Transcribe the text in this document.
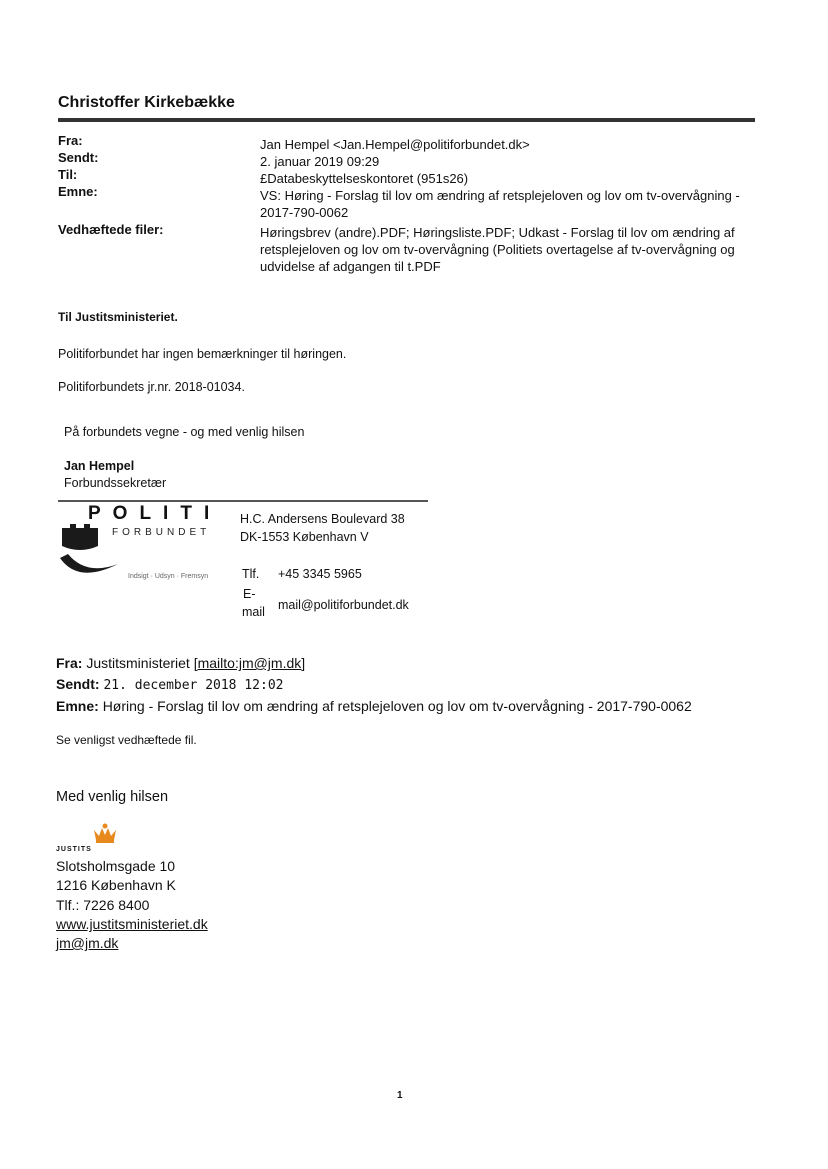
Christoffer Kirkebække
Fra:	Jan Hempel <Jan.Hempel@politiforbundet.dk>
Sendt:	2. januar 2019 09:29
Til:	£Databeskyttelseskontoret (951s26)
Emne:	VS: Høring - Forslag til lov om ændring af retsplejeloven og lov om tv-overvågning - 2017-790-0062
Vedhæftede filer:	Høringsbrev (andre).PDF; Høringsliste.PDF; Udkast - Forslag til lov om ændring af retsplejeloven og lov om tv-overvågning (Politiets overtagelse af tv-overvågning og udvidelse af adgangen til t.PDF
Til Justitsministeriet.
Politiforbundet har ingen bemærkninger til høringen.
Politiforbundets jr.nr. 2018-01034.
På forbundets vegne - og med venlig hilsen
Jan Hempel
Forbundssekretær
POLITI
FORBUNDET
Indsigt · Udsyn · Fremsyn
H.C. Andersens Boulevard 38
DK-1553 København V
Tlf. +45 3345 5965
E-
mail mail@politiforbundet.dk
Fra: Justitsministeriet [mailto:jm@jm.dk]
Sendt: 21. december 2018 12:02
Emne: Høring - Forslag til lov om ændring af retsplejeloven og lov om tv-overvågning - 2017-790-0062
Se venligst vedhæftede fil.
Med venlig hilsen
JUSTITS
Slotsholmsgade 10
1216 København K
Tlf.: 7226 8400
www.justitsministeriet.dk
jm@jm.dk
1
